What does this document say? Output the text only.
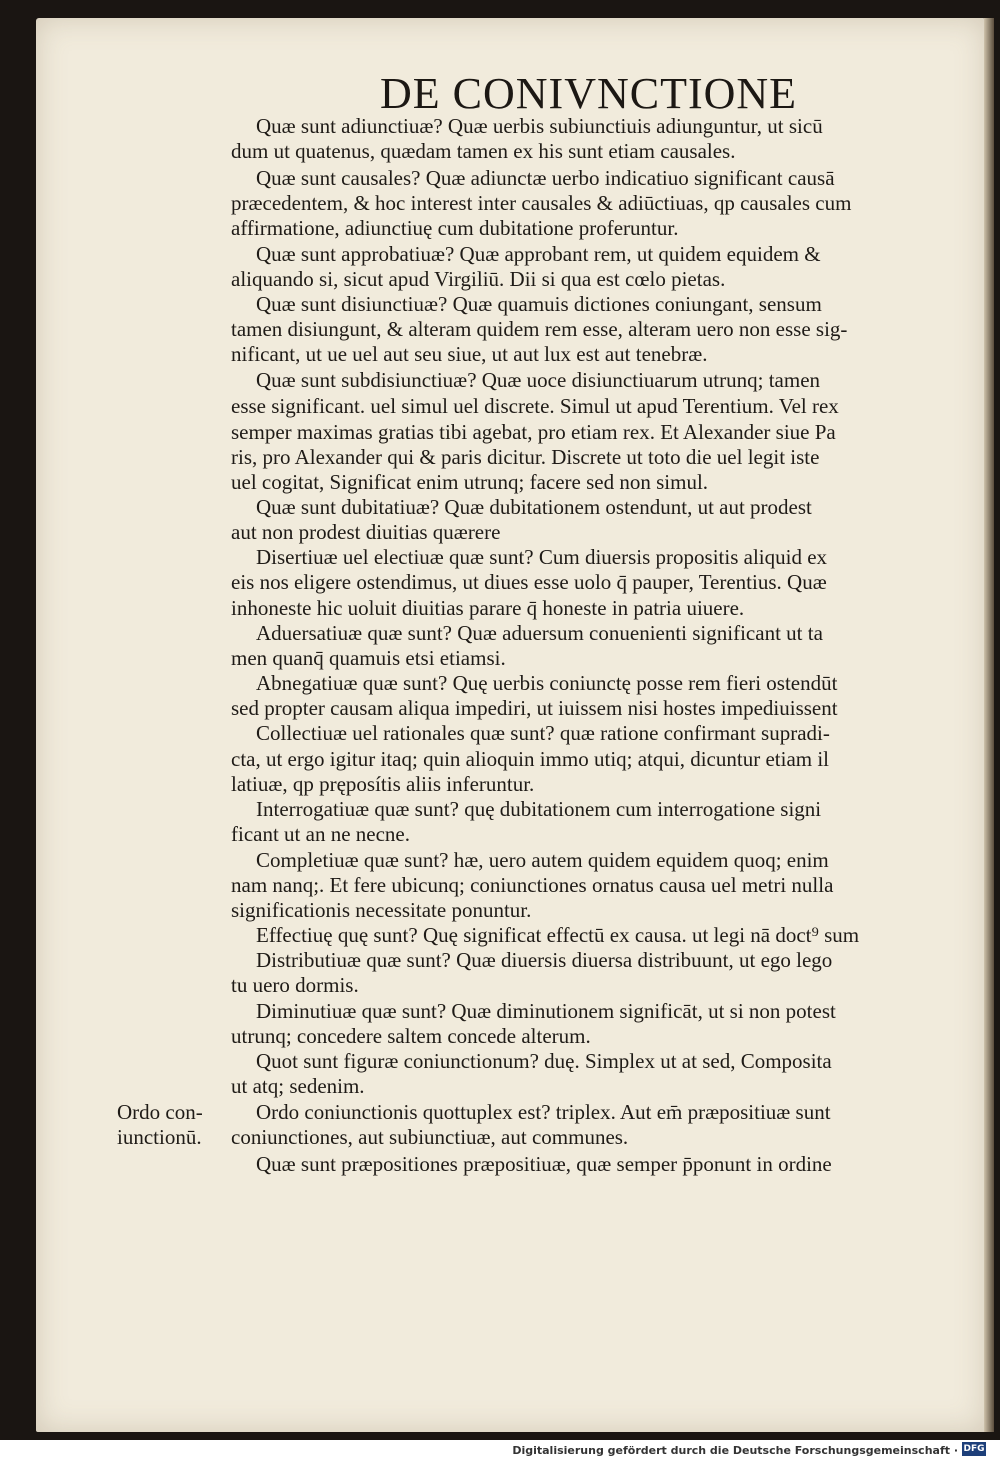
DE CONIVNCTIONE
Quæ sunt adiunctiuæ? Quæ uerbis subiunctiuis adiunguntur, ut sicū
dum ut quatenus, quædam tamen ex his sunt etiam causales.
Quæ sunt causales? Quæ adiunctæ uerbo indicatiuo significant causā
præcedentem, & hoc interest inter causales & adiūctiuas, qp causales cum
affirmatione, adiunctiuę cum dubitatione proferuntur.
Quæ sunt approbatiuæ? Quæ approbant rem, ut quidem equidem &
aliquando si, sicut apud Virgiliū. Dii si qua est cœlo pietas.
Quæ sunt disiunctiuæ? Quæ quamuis dictiones coniungant, sensum
tamen disiungunt, & alteram quidem rem esse, alteram uero non esse sig-
nificant, ut ue uel aut seu siue, ut aut lux est aut tenebræ.
Quæ sunt subdisiunctiuæ? Quæ uoce disiunctiuarum utrunq; tamen
esse significant. uel simul uel discrete. Simul ut apud Terentium. Vel rex
semper maximas gratias tibi agebat, pro etiam rex. Et Alexander siue Pa
ris, pro Alexander qui & paris dicitur. Discrete ut toto die uel legit iste
uel cogitat, Significat enim utrunq; facere sed non simul.
Quæ sunt dubitatiuæ? Quæ dubitationem ostendunt, ut aut prodest
aut non prodest diuitias quærere
Disertiuæ uel electiuæ quæ sunt? Cum diuersis propositis aliquid ex
eis nos eligere ostendimus, ut diues esse uolo q̄ pauper, Terentius. Quæ
inhoneste hic uoluit diuitias parare q̄ honeste in patria uiuere.
Aduersatiuæ quæ sunt? Quæ aduersum conuenienti significant ut ta
men quanq̄ quamuis etsi etiamsi.
Abnegatiuæ quæ sunt? Quę uerbis coniunctę posse rem fieri ostendūt
sed propter causam aliqua impediri, ut iuissem nisi hostes impediuissent
Collectiuæ uel rationales quæ sunt? quæ ratione confirmant supradi-
cta, ut ergo igitur itaq; quin alioquin immo utiq; atqui, dicuntur etiam il
latiuæ, qp pręposítis aliis inferuntur.
Interrogatiuæ quæ sunt? quę dubitationem cum interrogatione signi
ficant ut an ne necne.
Completiuæ quæ sunt? hæ, uero autem quidem equidem quoq; enim
nam nanq;. Et fere ubicunq; coniunctiones ornatus causa uel metri nulla
significationis necessitate ponuntur.
Effectiuę quę sunt? Quę significat effectū ex causa. ut legi nā doct⁹ sum
Distributiuæ quæ sunt? Quæ diuersis diuersa distribuunt, ut ego lego
tu uero dormis.
Diminutiuæ quæ sunt? Quæ diminutionem significāt, ut si non potest
utrunq; concedere saltem concede alterum.
Quot sunt figuræ coniunctionum? duę. Simplex ut at sed, Composita
ut atq; sedenim.
Ordo coniunctionis quottuplex est? triplex. Aut em̄ præpositiuæ sunt
coniunctiones, aut subiunctiuæ, aut communes.
Quæ sunt præpositiones præpositiuæ, quæ semper p̄ponunt in ordine
Ordo con-
iunctionū.
Digitalisierung gefördert durch die Deutsche Forschungsgemeinschaft · DFG
